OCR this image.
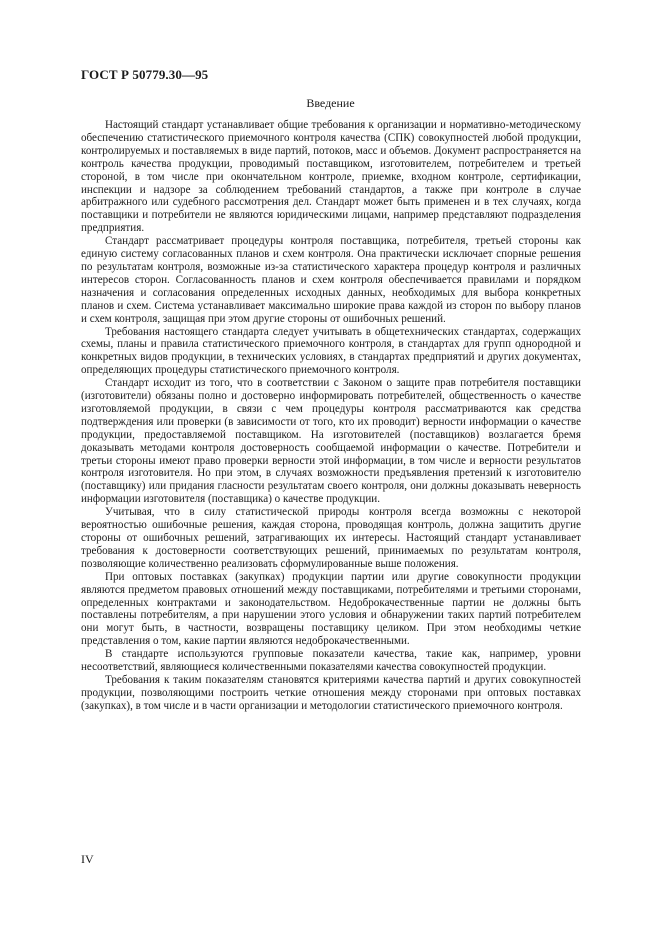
ГОСТ Р 50779.30—95
Введение

Настоящий стандарт устанавливает общие требования к организации и нормативно-методическому обеспечению статистического приемочного контроля качества (СПК) совокупностей любой продукции, контролируемых и поставляемых в виде партий, потоков, масс и объемов. Документ распространяется на контроль качества продукции, проводимый поставщиком, изготовителем, потребителем и третьей стороной, в том числе при окончательном контроле, приемке, входном контроле, сертификации, инспекции и надзоре за соблюдением требований стандартов, а также при контроле в случае арбитражного или судебного рассмотрения дел. Стандарт может быть применен и в тех случаях, когда поставщики и потребители не являются юридическими лицами, например представляют подразделения предприятия.

Стандарт рассматривает процедуры контроля поставщика, потребителя, третьей стороны как единую систему согласованных планов и схем контроля. Она практически исключает спорные решения по результатам контроля, возможные из-за статистического характера процедур контроля и различных интересов сторон. Согласованность планов и схем контроля обеспечивается правилами и порядком назначения и согласования определенных исходных данных, необходимых для выбора конкретных планов и схем. Система устанавливает максимально широкие права каждой из сторон по выбору планов и схем контроля, защищая при этом другие стороны от ошибочных решений.

Требования настоящего стандарта следует учитывать в общетехнических стандартах, содержащих схемы, планы и правила статистического приемочного контроля, в стандартах для групп однородной и конкретных видов продукции, в технических условиях, в стандартах предприятий и других документах, определяющих процедуры статистического приемочного контроля.

Стандарт исходит из того, что в соответствии с Законом о защите прав потребителя поставщики (изготовители) обязаны полно и достоверно информировать потребителей, общественность о качестве изготовляемой продукции, в связи с чем процедуры контроля рассматриваются как средства подтверждения или проверки (в зависимости от того, кто их проводит) верности информации о качестве продукции, предоставляемой поставщиком. На изготовителей (поставщиков) возлагается бремя доказывать методами контроля достоверность сообщаемой информации о качестве. Потребители и третьи стороны имеют право проверки верности этой информации, в том числе и верности результатов контроля изготовителя. Но при этом, в случаях возможности предъявления претензий к изготовителю (поставщику) или придания гласности результатам своего контроля, они должны доказывать неверность информации изготовителя (поставщика) о качестве продукции.

Учитывая, что в силу статистической природы контроля всегда возможны с некоторой вероятностью ошибочные решения, каждая сторона, проводящая контроль, должна защитить другие стороны от ошибочных решений, затрагивающих их интересы. Настоящий стандарт устанавливает требования к достоверности соответствующих решений, принимаемых по результатам контроля, позволяющие количественно реализовать сформулированные выше положения.

При оптовых поставках (закупках) продукции партии или другие совокупности продукции являются предметом правовых отношений между поставщиками, потребителями и третьими сторонами, определенных контрактами и законодательством. Недоброкачественные партии не должны быть поставлены потребителям, а при нарушении этого условия и обнаружении таких партий потребителем они могут быть, в частности, возвращены поставщику целиком. При этом необходимы четкие представления о том, какие партии являются недоброкачественными.

В стандарте используются групповые показатели качества, такие как, например, уровни несоответствий, являющиеся количественными показателями качества совокупностей продукции.

Требования к таким показателям становятся критериями качества партий и других совокупностей продукции, позволяющими построить четкие отношения между сторонами при оптовых поставках (закупках), в том числе и в части организации и методологии статистического приемочного контроля.

IV
